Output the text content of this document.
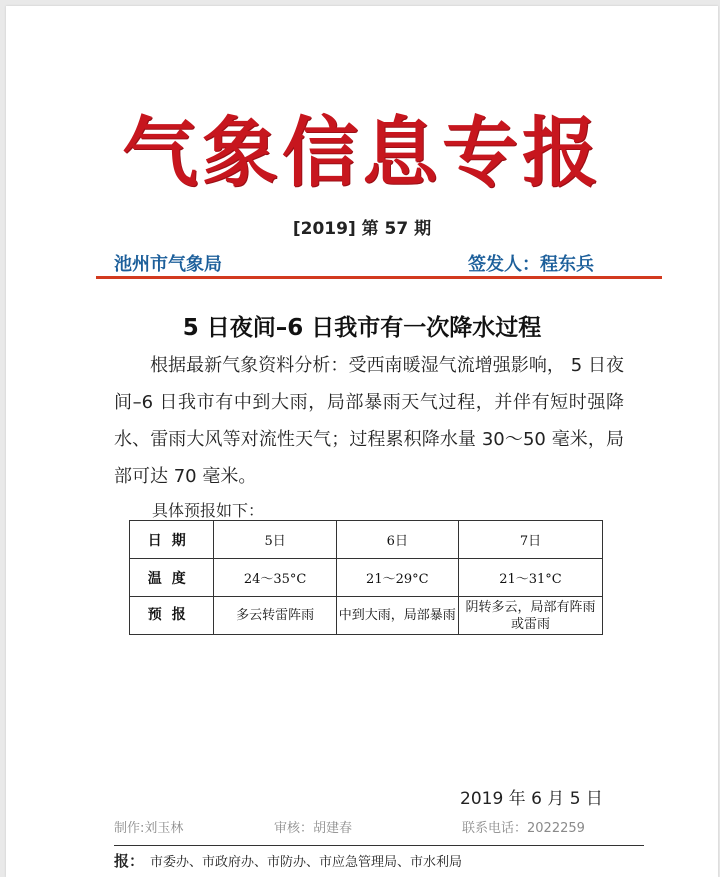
气象信息专报
[2019] 第 57 期
池州市气象局	签发人：程东兵
5 日夜间–6 日我市有一次降水过程
根据最新气象资料分析：受西南暖湿气流增强影响， 5 日夜间–6 日我市有中到大雨，局部暴雨天气过程，并伴有短时强降水、雷雨大风等对流性天气；过程累积降水量 30～50 毫米，局部可达 70 毫米。
具体预报如下：
日期	5日	6日	7日
温度	24～35°C	21～29°C	21～31°C
预报	多云转雷阵雨	中到大雨，局部暴雨	阴转多云，局部有阵雨或雷雨
2019 年 6 月 5 日
制作:刘玉林	审核：胡建春	联系电话：2022259
报： 市委办、市政府办、市防办、市应急管理局、市水利局
